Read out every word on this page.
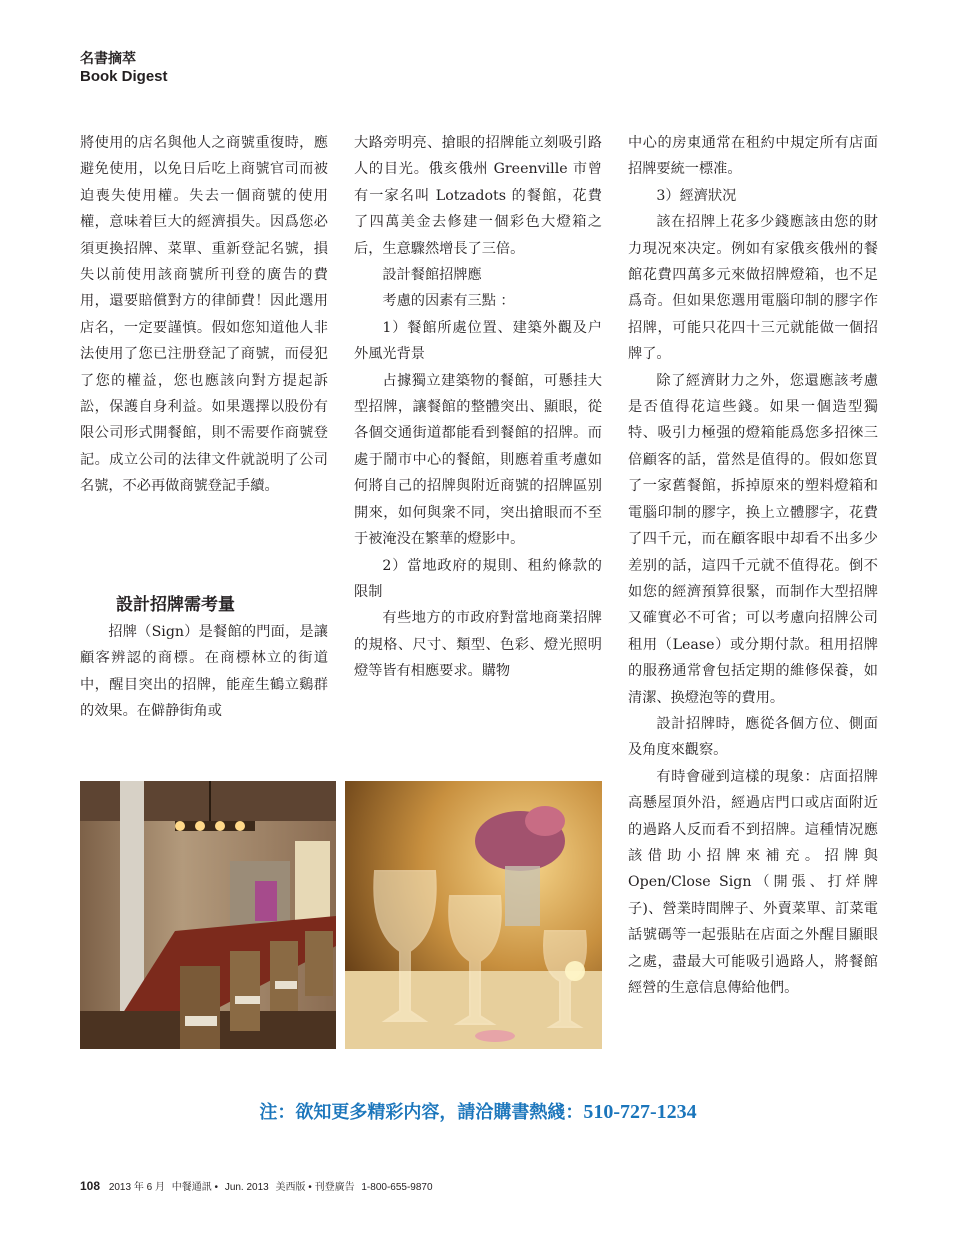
名書摘萃
Book Digest

將使用的店名與他人之商號重復時，應避免使用，以免日后吃上商號官司而被迫喪失使用權。失去一個商號的使用權，意味着巨大的經濟損失。因爲您必須更換招牌、菜單、重新登記名號，損失以前使用該商號所刊登的廣告的費用，還要賠償對方的律師費！因此選用店名，一定要謹慎。假如您知道他人非法使用了您已注册登記了商號，而侵犯了您的權益，您也應該向對方提起訴訟，保護自身利益。如果選擇以股份有限公司形式開餐館，則不需要作商號登記。成立公司的法律文件就説明了公司名號，不必再做商號登記手續。

設計招牌需考量

招牌（Sign）是餐館的門面，是讓顧客辨認的商標。在商標林立的街道中，醒目突出的招牌，能産生鶴立鷄群的效果。在僻静街角或

大路旁明亮、搶眼的招牌能立刻吸引路人的目光。俄亥俄州 Greenville 市曾有一家名叫 Lotzadots 的餐館，花費了四萬美金去修建一個彩色大燈箱之后，生意驟然增長了三倍。

設計餐館招牌應

考慮的因素有三點 ：

1）餐館所處位置、建築外觀及户外風光背景

占據獨立建築物的餐館，可懸挂大型招牌，讓餐館的整體突出、顯眼，從各個交通街道都能看到餐館的招牌。而處于鬧市中心的餐館，則應着重考慮如何將自己的招牌與附近商號的招牌區别開來，如何與衆不同，突出搶眼而不至于被淹没在繁華的燈影中。

2）當地政府的規則、租約條款的限制

有些地方的市政府對當地商業招牌的規格、尺寸、類型、色彩、燈光照明燈等皆有相應要求。購物

中心的房東通常在租約中規定所有店面招牌要統一標准。

3）經濟狀况

該在招牌上花多少錢應該由您的財力現况來决定。例如有家俄亥俄州的餐館花費四萬多元來做招牌燈箱，也不足爲奇。但如果您選用電腦印制的膠字作招牌，可能只花四十三元就能做一個招牌了。

除了經濟財力之外，您還應該考慮是否值得花這些錢。如果一個造型獨特、吸引力極强的燈箱能爲您多招徠三倍顧客的話，當然是值得的。假如您買了一家舊餐館，拆掉原來的塑料燈箱和電腦印制的膠字，换上立體膠字，花費了四千元，而在顧客眼中却看不出多少差别的話，這四千元就不值得花。倒不如您的經濟預算很緊，而制作大型招牌又確實必不可省；可以考慮向招牌公司租用（Lease）或分期付款。租用招牌的服務通常會包括定期的維修保養，如清潔、换燈泡等的費用。

設計招牌時，應從各個方位、側面及角度來觀察。

有時會碰到這樣的現象：店面招牌高懸屋頂外沿，經過店門口或店面附近的過路人反而看不到招牌。這種情况應該借助小招牌來補充。招牌與 Open/Close Sign（開張、打烊牌子)、營業時間牌子、外賣菜單、訂菜電話號碼等一起張貼在店面之外醒目顯眼之處，盡最大可能吸引過路人，將餐館經營的生意信息傳給他們。

注：欲知更多精彩内容，請洽購書熱綫：510-727-1234
108 2013 年 6 月 中餐通訊 • Jun. 2013 美西版 • 刊登廣告 1-800-655-9870
